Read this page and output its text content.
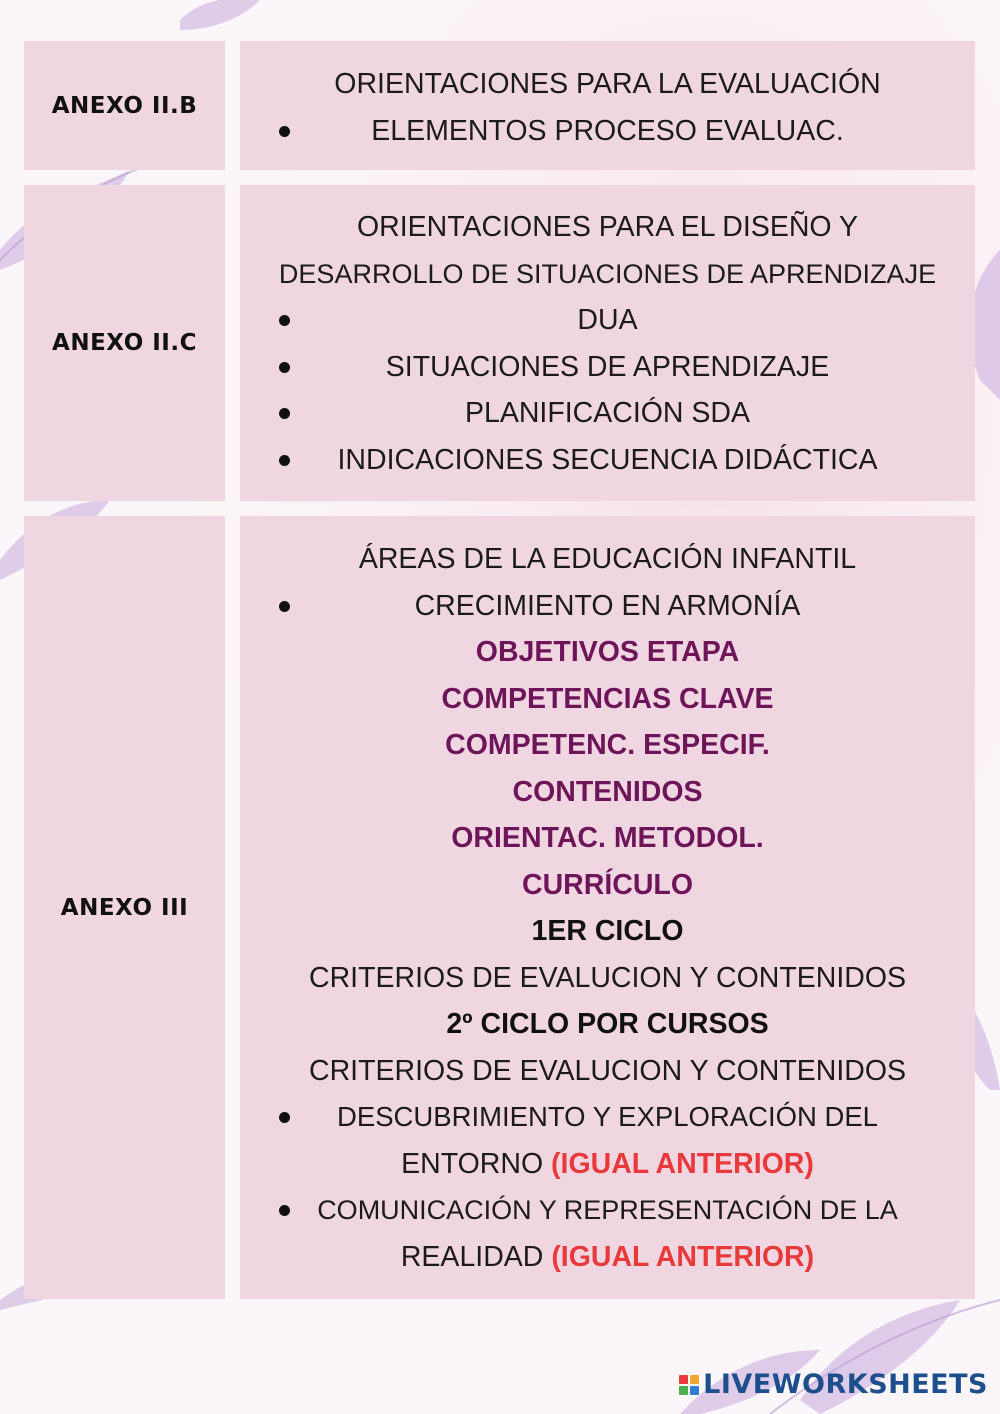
ANEXO II.B
ORIENTACIONES PARA LA EVALUACIÓN
ELEMENTOS PROCESO EVALUAC.
ANEXO II.C
ORIENTACIONES PARA EL DISEÑO Y
DESARROLLO DE SITUACIONES DE APRENDIZAJE
DUA
SITUACIONES DE APRENDIZAJE
PLANIFICACIÓN SDA
INDICACIONES SECUENCIA DIDÁCTICA
ANEXO III
ÁREAS DE LA EDUCACIÓN INFANTIL
CRECIMIENTO EN ARMONÍA
OBJETIVOS ETAPA
COMPETENCIAS CLAVE
COMPETENC. ESPECIF.
CONTENIDOS
ORIENTAC. METODOL.
CURRÍCULO
1ER CICLO
CRITERIOS DE EVALUCION Y CONTENIDOS
2º CICLO POR CURSOS
CRITERIOS DE EVALUCION Y CONTENIDOS
DESCUBRIMIENTO Y EXPLORACIÓN DEL
ENTORNO (IGUAL ANTERIOR)
COMUNICACIÓN Y REPRESENTACIÓN DE LA
REALIDAD (IGUAL ANTERIOR)
LIVEWORKSHEETS
